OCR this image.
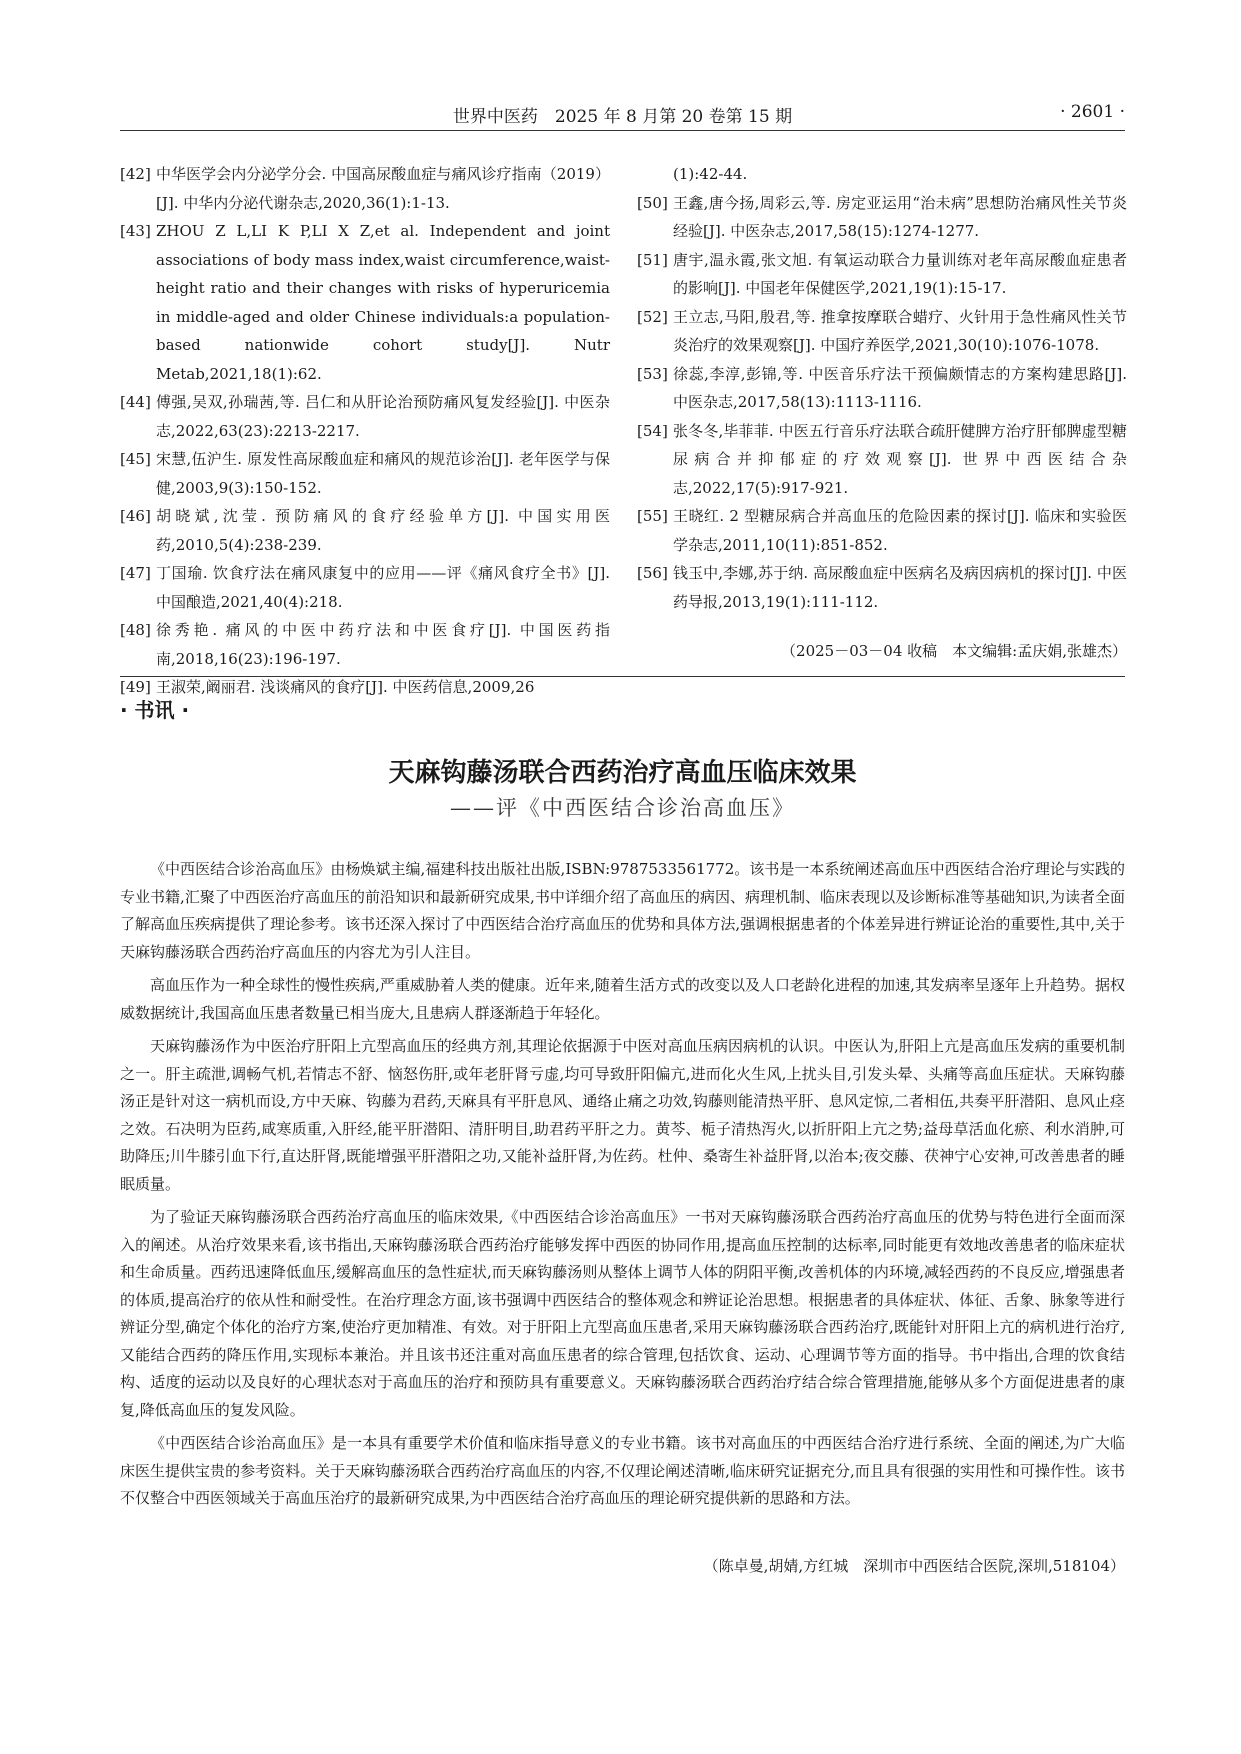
世界中医药　2025 年 8 月第 20 卷第 15 期	· 2601 ·

[42] 中华医学会内分泌学分会. 中国高尿酸血症与痛风诊疗指南（2019）[J]. 中华内分泌代谢杂志,2020,36(1):1-13.

[43] ZHOU Z L,LI K P,LI X Z,et al. Independent and joint associations of body mass index,waist circumference,waist-height ratio and their changes with risks of hyperuricemia in middle-aged and older Chinese individuals:a population-based nationwide cohort study[J]. Nutr Metab,2021,18(1):62.

[44] 傅强,吴双,孙瑞茜,等. 吕仁和从肝论治预防痛风复发经验[J]. 中医杂志,2022,63(23):2213-2217.

[45] 宋慧,伍沪生. 原发性高尿酸血症和痛风的规范诊治[J]. 老年医学与保健,2003,9(3):150-152.

[46] 胡晓斌,沈莹. 预防痛风的食疗经验单方[J]. 中国实用医药,2010,5(4):238-239.

[47] 丁国瑜. 饮食疗法在痛风康复中的应用——评《痛风食疗全书》[J]. 中国酿造,2021,40(4):218.

[48] 徐秀艳. 痛风的中医中药疗法和中医食疗[J]. 中国医药指南,2018,16(23):196-197.

[49] 王淑荣,阚丽君. 浅谈痛风的食疗[J]. 中医药信息,2009,26

(1):42-44.

[50] 王鑫,唐今扬,周彩云,等. 房定亚运用“治未病”思想防治痛风性关节炎经验[J]. 中医杂志,2017,58(15):1274-1277.

[51] 唐宇,温永霞,张文旭. 有氧运动联合力量训练对老年高尿酸血症患者的影响[J]. 中国老年保健医学,2021,19(1):15-17.

[52] 王立志,马阳,殷君,等. 推拿按摩联合蜡疗、火针用于急性痛风性关节炎治疗的效果观察[J]. 中国疗养医学,2021,30(10):1076-1078.

[53] 徐蕊,李淳,彭锦,等. 中医音乐疗法干预偏颇情志的方案构建思路[J]. 中医杂志,2017,58(13):1113-1116.

[54] 张冬冬,毕菲菲. 中医五行音乐疗法联合疏肝健脾方治疗肝郁脾虚型糖尿病合并抑郁症的疗效观察[J]. 世界中西医结合杂志,2022,17(5):917-921.

[55] 王晓红. 2 型糖尿病合并高血压的危险因素的探讨[J]. 临床和实验医学杂志,2011,10(11):851-852.

[56] 钱玉中,李娜,苏于纳. 高尿酸血症中医病名及病因病机的探讨[J]. 中医药导报,2013,19(1):111-112.

（2025－03－04 收稿　本文编辑:孟庆娟,张雄杰）
· 书讯 ·
天麻钩藤汤联合西药治疗高血压临床效果
——评《中西医结合诊治高血压》

《中西医结合诊治高血压》由杨焕斌主编,福建科技出版社出版,ISBN:9787533561772。该书是一本系统阐述高血压中西医结合治疗理论与实践的专业书籍,汇聚了中西医治疗高血压的前沿知识和最新研究成果,书中详细介绍了高血压的病因、病理机制、临床表现以及诊断标准等基础知识,为读者全面了解高血压疾病提供了理论参考。该书还深入探讨了中西医结合治疗高血压的优势和具体方法,强调根据患者的个体差异进行辨证论治的重要性,其中,关于天麻钩藤汤联合西药治疗高血压的内容尤为引人注目。

高血压作为一种全球性的慢性疾病,严重威胁着人类的健康。近年来,随着生活方式的改变以及人口老龄化进程的加速,其发病率呈逐年上升趋势。据权威数据统计,我国高血压患者数量已相当庞大,且患病人群逐渐趋于年轻化。

天麻钩藤汤作为中医治疗肝阳上亢型高血压的经典方剂,其理论依据源于中医对高血压病因病机的认识。中医认为,肝阳上亢是高血压发病的重要机制之一。肝主疏泄,调畅气机,若情志不舒、恼怒伤肝,或年老肝肾亏虚,均可导致肝阳偏亢,进而化火生风,上扰头目,引发头晕、头痛等高血压症状。天麻钩藤汤正是针对这一病机而设,方中天麻、钩藤为君药,天麻具有平肝息风、通络止痛之功效,钩藤则能清热平肝、息风定惊,二者相伍,共奏平肝潜阳、息风止痉之效。石决明为臣药,咸寒质重,入肝经,能平肝潜阳、清肝明目,助君药平肝之力。黄芩、栀子清热泻火,以折肝阳上亢之势;益母草活血化瘀、利水消肿,可助降压;川牛膝引血下行,直达肝肾,既能增强平肝潜阳之功,又能补益肝肾,为佐药。杜仲、桑寄生补益肝肾,以治本;夜交藤、茯神宁心安神,可改善患者的睡眠质量。

为了验证天麻钩藤汤联合西药治疗高血压的临床效果,《中西医结合诊治高血压》一书对天麻钩藤汤联合西药治疗高血压的优势与特色进行全面而深入的阐述。从治疗效果来看,该书指出,天麻钩藤汤联合西药治疗能够发挥中西医的协同作用,提高血压控制的达标率,同时能更有效地改善患者的临床症状和生命质量。西药迅速降低血压,缓解高血压的急性症状,而天麻钩藤汤则从整体上调节人体的阴阳平衡,改善机体的内环境,减轻西药的不良反应,增强患者的体质,提高治疗的依从性和耐受性。在治疗理念方面,该书强调中西医结合的整体观念和辨证论治思想。根据患者的具体症状、体征、舌象、脉象等进行辨证分型,确定个体化的治疗方案,使治疗更加精准、有效。对于肝阳上亢型高血压患者,采用天麻钩藤汤联合西药治疗,既能针对肝阳上亢的病机进行治疗,又能结合西药的降压作用,实现标本兼治。并且该书还注重对高血压患者的综合管理,包括饮食、运动、心理调节等方面的指导。书中指出,合理的饮食结构、适度的运动以及良好的心理状态对于高血压的治疗和预防具有重要意义。天麻钩藤汤联合西药治疗结合综合管理措施,能够从多个方面促进患者的康复,降低高血压的复发风险。

《中西医结合诊治高血压》是一本具有重要学术价值和临床指导意义的专业书籍。该书对高血压的中西医结合治疗进行系统、全面的阐述,为广大临床医生提供宝贵的参考资料。关于天麻钩藤汤联合西药治疗高血压的内容,不仅理论阐述清晰,临床研究证据充分,而且具有很强的实用性和可操作性。该书不仅整合中西医领域关于高血压治疗的最新研究成果,为中西医结合治疗高血压的理论研究提供新的思路和方法。

（陈卓曼,胡婧,方红城　深圳市中西医结合医院,深圳,518104）
